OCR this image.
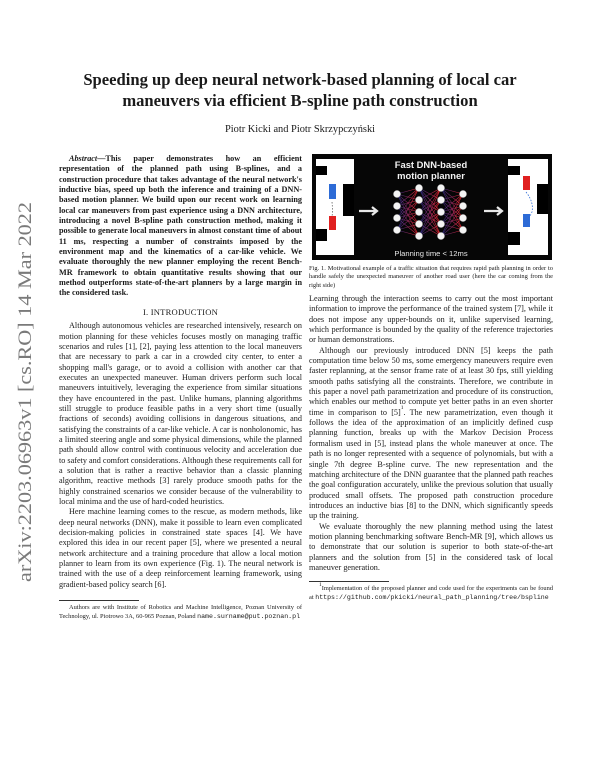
arXiv:2203.06963v1 [cs.RO] 14 Mar 2022
Speeding up deep neural network-based planning of local car maneuvers via efficient B-spline path construction
Piotr Kicki and Piotr Skrzypczyński

Abstract—This paper demonstrates how an efficient representation of the planned path using B-splines, and a construction procedure that takes advantage of the neural network's inductive bias, speed up both the inference and training of a DNN-based motion planner. We build upon our recent work on learning local car maneuvers from past experience using a DNN architecture, introducing a novel B-spline path construction method, making it possible to generate local maneuvers in almost constant time of about 11 ms, respecting a number of constraints imposed by the environment map and the kinematics of a car-like vehicle. We evaluate thoroughly the new planner employing the recent Bench-MR framework to obtain quantitative results showing that our method outperforms state-of-the-art planners by a large margin in the considered task.

I. INTRODUCTION

Although autonomous vehicles are researched intensively, research on motion planning for these vehicles focuses mostly on managing traffic scenarios and rules [1], [2], paying less attention to the local maneuvers that are necessary to park a car in a crowded city center, to enter a shopping mall's garage, or to avoid a collision with another car that executes an unexpected maneuver. Human drivers perform such local maneuvers intuitively, leveraging the experience from similar situations they have encountered in the past. Unlike humans, planning algorithms still struggle to produce feasible paths in a very short time (usually fractions of seconds) avoiding collisions in dangerous situations, and satisfying the constraints of a car-like vehicle. A car is nonholonomic, has a limited steering angle and some physical dimensions, while the planned path should allow control with continuous velocity and acceleration due to safety and comfort considerations. Although these requirements call for a solution that is rather a reactive behavior than a classic planning algorithm, reactive methods [3] rarely produce smooth paths for the highly constrained scenarios we consider because of the vulnerability to local minima and the use of hard-coded heuristics.

Here machine learning comes to the rescue, as modern methods, like deep neural networks (DNN), make it possible to learn even complicated decision-making policies in constrained state spaces [4]. We have explored this idea in our recent paper [5], where we presented a neural network architecture and a training procedure that allow a local motion planner to learn from its own experience (Fig. 1). The neural network is trained with the use of a deep reinforcement learning framework, using gradient-based policy search [6].

Authors are with Institute of Robotics and Machine Intelligence, Poznan University of Technology, ul. Piotrowo 3A, 60-965 Poznan, Poland name.surname@put.poznan.pl

Fast DNN-based
motion planner
Planning time < 12ms
Fig. 1. Motivational example of a traffic situation that requires rapid path planning in order to handle safely the unexpected maneuver of another road user (here the car coming from the right side)

Learning through the interaction seems to carry out the most important information to improve the performance of the trained system [7], while it does not impose any upper-bounds on it, unlike supervised learning, which performance is bounded by the quality of the reference trajectories or human demonstrations.

Although our previously introduced DNN [5] keeps the path computation time below 50 ms, some emergency maneuvers require even faster replanning, at the sensor frame rate of at least 30 fps, still yielding smooth paths satisfying all the constraints. Therefore, we contribute in this paper a novel path parametrization and procedure of its construction, which enables our method to compute yet better paths in an even shorter time in comparison to $[5]^1$. The new parametrization, even though it follows the idea of the approximation of an implicitly defined cusp planning function, breaks up with the Markov Decision Process formalism used in [5], instead plans the whole maneuver at once. The path is no longer represented with a sequence of polynomials, but with a single 7th degree B-spline curve. The new representation and the matching architecture of the DNN guarantee that the planned path reaches the goal configuration accurately, unlike the previous solution that usually produced small offsets. The proposed path construction procedure introduces an inductive bias [8] to the DNN, which significantly speeds up the training.

We evaluate thoroughly the new planning method using the latest motion planning benchmarking software Bench-MR [9], which allows us to demonstrate that our solution is superior to both state-of-the-art planners and the solution from [5] in the considered task of local maneuver generation.

$^1$Implementation of the proposed planner and code used for the experiments can be found at https://github.com/pkicki/neural_path_planning/tree/bspline
